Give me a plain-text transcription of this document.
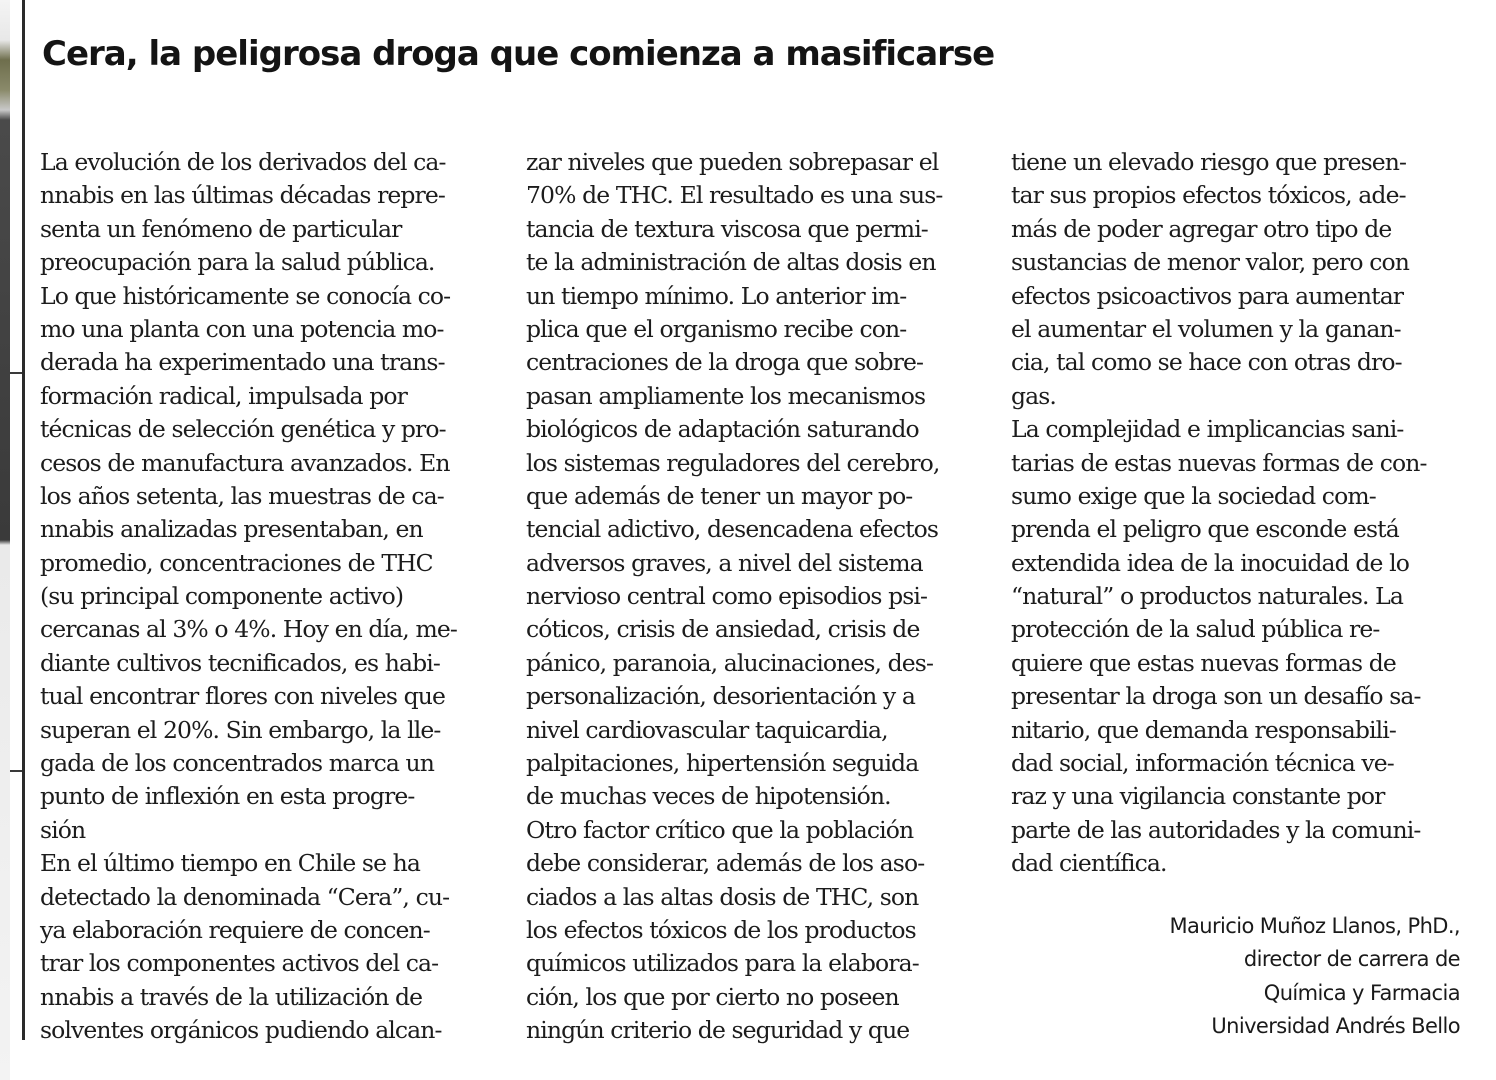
Cera, la peligrosa droga que comienza a masificarse
La evolución de los derivados del ca-
nnabis en las últimas décadas repre-
senta un fenómeno de particular
preocupación para la salud pública.
Lo que históricamente se conocía co-
mo una planta con una potencia mo-
derada ha experimentado una trans-
formación radical, impulsada por
técnicas de selección genética y pro-
cesos de manufactura avanzados. En
los años setenta, las muestras de ca-
nnabis analizadas presentaban, en
promedio, concentraciones de THC
(su principal componente activo)
cercanas al 3% o 4%. Hoy en día, me-
diante cultivos tecnificados, es habi-
tual encontrar flores con niveles que
superan el 20%. Sin embargo, la lle-
gada de los concentrados marca un
punto de inflexión en esta progre-
sión
En el último tiempo en Chile se ha
detectado la denominada “Cera”, cu-
ya elaboración requiere de concen-
trar los componentes activos del ca-
nnabis a través de la utilización de
solventes orgánicos pudiendo alcan-
zar niveles que pueden sobrepasar el
70% de THC. El resultado es una sus-
tancia de textura viscosa que permi-
te la administración de altas dosis en
un tiempo mínimo. Lo anterior im-
plica que el organismo recibe con-
centraciones de la droga que sobre-
pasan ampliamente los mecanismos
biológicos de adaptación saturando
los sistemas reguladores del cerebro,
que además de tener un mayor po-
tencial adictivo, desencadena efectos
adversos graves, a nivel del sistema
nervioso central como episodios psi-
cóticos, crisis de ansiedad, crisis de
pánico, paranoia, alucinaciones, des-
personalización, desorientación y a
nivel cardiovascular taquicardia,
palpitaciones, hipertensión seguida
de muchas veces de hipotensión.
Otro factor crítico que la población
debe considerar, además de los aso-
ciados a las altas dosis de THC, son
los efectos tóxicos de los productos
químicos utilizados para la elabora-
ción, los que por cierto no poseen
ningún criterio de seguridad y que
tiene un elevado riesgo que presen-
tar sus propios efectos tóxicos, ade-
más de poder agregar otro tipo de
sustancias de menor valor, pero con
efectos psicoactivos para aumentar
el aumentar el volumen y la ganan-
cia, tal como se hace con otras dro-
gas.
La complejidad e implicancias sani-
tarias de estas nuevas formas de con-
sumo exige que la sociedad com-
prenda el peligro que esconde está
extendida idea de la inocuidad de lo
“natural” o productos naturales. La
protección de la salud pública re-
quiere que estas nuevas formas de
presentar la droga son un desafío sa-
nitario, que demanda responsabili-
dad social, información técnica ve-
raz y una vigilancia constante por
parte de las autoridades y la comuni-
dad científica.
Mauricio Muñoz Llanos, PhD.,
director de carrera de
Química y Farmacia
Universidad Andrés Bello
